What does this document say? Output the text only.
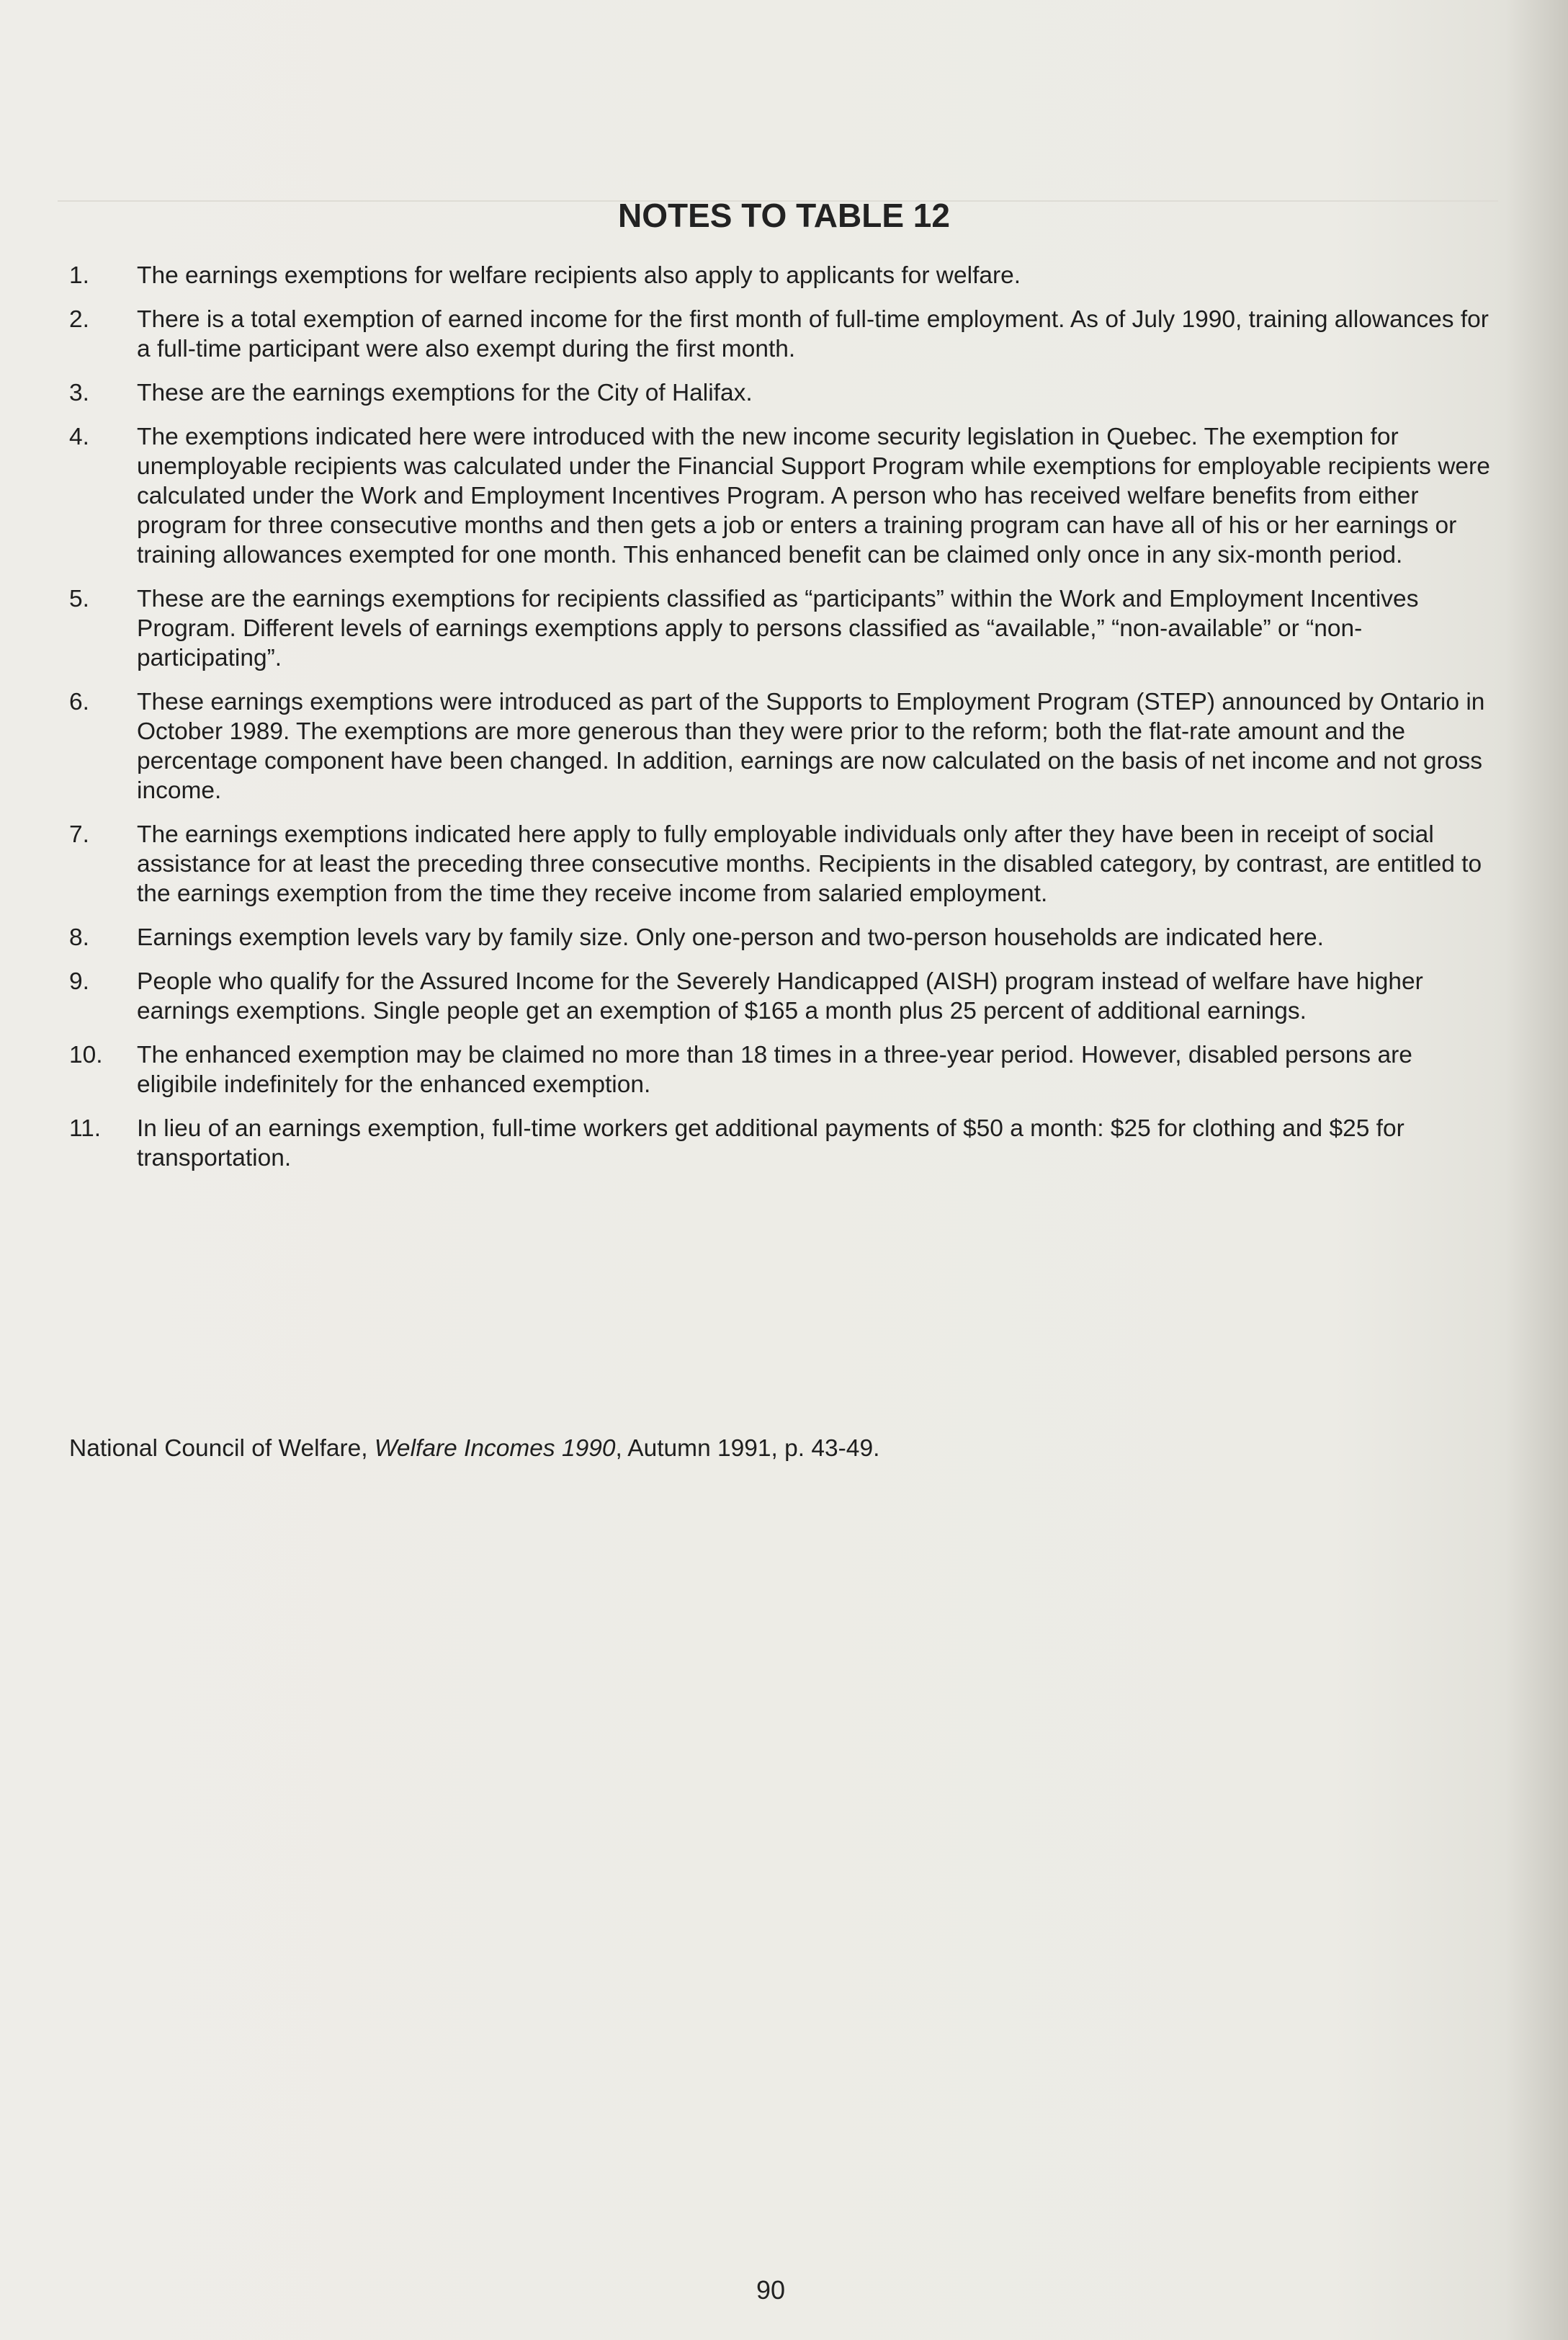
NOTES TO TABLE 12
1.	The earnings exemptions for welfare recipients also apply to applicants for welfare.
2.	There is a total exemption of earned income for the first month of full-time employment. As of July 1990, training allowances for a full-time participant were also exempt during the first month.
3.	These are the earnings exemptions for the City of Halifax.
4.	The exemptions indicated here were introduced with the new income security legislation in Quebec. The exemption for unemployable recipients was calculated under the Financial Support Program while exemptions for employable recipients were calculated under the Work and Employment Incentives Program. A person who has received welfare benefits from either program for three consecutive months and then gets a job or enters a training program can have all of his or her earnings or training allowances exempted for one month. This enhanced benefit can be claimed only once in any six-month period.
5.	These are the earnings exemptions for recipients classified as “participants” within the Work and Employment Incentives Program. Different levels of earnings exemptions apply to persons classified as “available,” “non-available” or “non-participating”.
6.	These earnings exemptions were introduced as part of the Supports to Employment Program (STEP) announced by Ontario in October 1989. The exemptions are more generous than they were prior to the reform; both the flat-rate amount and the percentage component have been changed. In addition, earnings are now calculated on the basis of net income and not gross income.
7.	The earnings exemptions indicated here apply to fully employable individuals only after they have been in receipt of social assistance for at least the preceding three consecutive months. Recipients in the disabled category, by contrast, are entitled to the earnings exemption from the time they receive income from salaried employment.
8.	Earnings exemption levels vary by family size. Only one-person and two-person households are indicated here.
9.	People who qualify for the Assured Income for the Severely Handicapped (AISH) program instead of welfare have higher earnings exemptions. Single people get an exemption of $165 a month plus 25 percent of additional earnings.
10.	The enhanced exemption may be claimed no more than 18 times in a three-year period. However, disabled persons are eligibile indefinitely for the enhanced exemption.
11.	In lieu of an earnings exemption, full-time workers get additional payments of $50 a month: $25 for clothing and $25 for transportation.
National Council of Welfare, Welfare Incomes 1990, Autumn 1991, p. 43-49.
90
